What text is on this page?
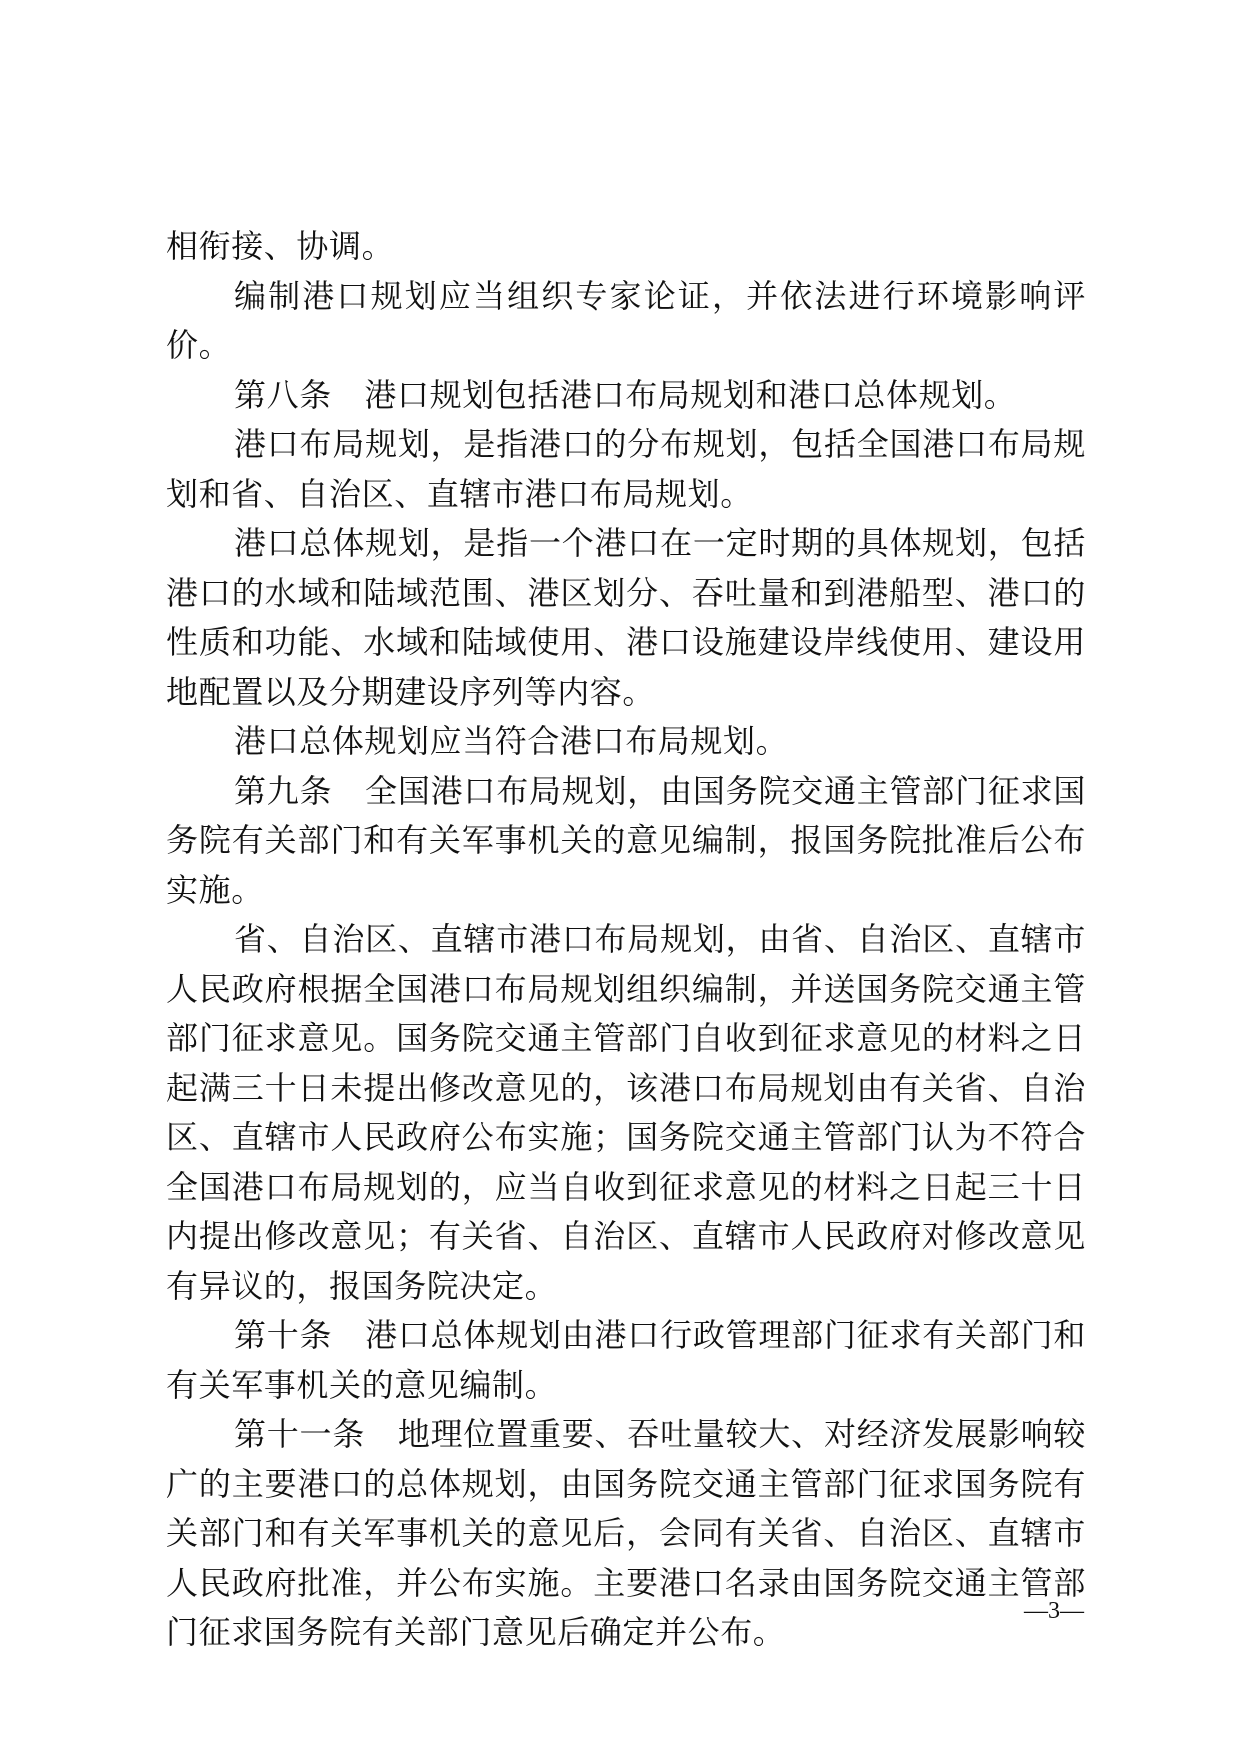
相衔接、协调。

编制港口规划应当组织专家论证，并依法进行环境影响评价。

第八条　港口规划包括港口布局规划和港口总体规划。

港口布局规划，是指港口的分布规划，包括全国港口布局规划和省、自治区、直辖市港口布局规划。

港口总体规划，是指一个港口在一定时期的具体规划，包括港口的水域和陆域范围、港区划分、吞吐量和到港船型、港口的性质和功能、水域和陆域使用、港口设施建设岸线使用、建设用地配置以及分期建设序列等内容。

港口总体规划应当符合港口布局规划。

第九条　全国港口布局规划，由国务院交通主管部门征求国务院有关部门和有关军事机关的意见编制，报国务院批准后公布实施。

省、自治区、直辖市港口布局规划，由省、自治区、直辖市人民政府根据全国港口布局规划组织编制，并送国务院交通主管部门征求意见。国务院交通主管部门自收到征求意见的材料之日起满三十日未提出修改意见的，该港口布局规划由有关省、自治区、直辖市人民政府公布实施；国务院交通主管部门认为不符合全国港口布局规划的，应当自收到征求意见的材料之日起三十日内提出修改意见；有关省、自治区、直辖市人民政府对修改意见有异议的，报国务院决定。

第十条　港口总体规划由港口行政管理部门征求有关部门和有关军事机关的意见编制。

第十一条　地理位置重要、吞吐量较大、对经济发展影响较广的主要港口的总体规划，由国务院交通主管部门征求国务院有关部门和有关军事机关的意见后，会同有关省、自治区、直辖市人民政府批准，并公布实施。主要港口名录由国务院交通主管部门征求国务院有关部门意见后确定并公布。

—3—
